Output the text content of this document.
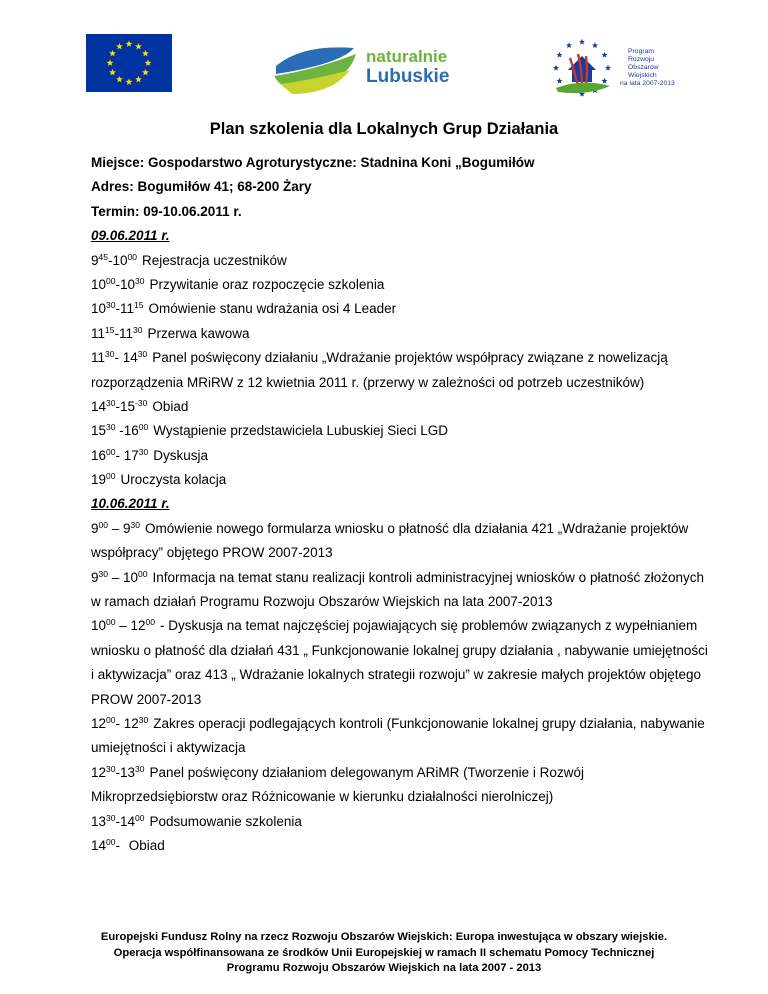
naturalnie
Lubuskie
Program
Rozwoju
Obszarów
Wiejskich
na lata 2007-2013
Plan szkolenia dla Lokalnych Grup Działania
Miejsce: Gospodarstwo Agroturystyczne: Stadnina Koni „Bogumiłów
Adres: Bogumiłów 41; 68-200 Żary
Termin: 09-10.06.2011 r.
09.06.2011 r.
$9^{45}-10^{00}$ Rejestracja uczestników
$10^{00}-10^{30}$ Przywitanie oraz rozpoczęcie szkolenia
$10^{30}-11^{15}$ Omówienie stanu wdrażania osi 4 Leader
$11^{15}-11^{30}$ Przerwa kawowa
$11^{30}-$ $14^{30}$ Panel poświęcony działaniu „Wdrażanie projektów współpracy związane z nowelizacją
rozporządzenia MRiRW z 12 kwietnia 2011 r. (przerwy w zależności od potrzeb uczestników)
$14^{30}-15^{-30}$ Obiad
$15^{30}$ $-16^{00}$ Wystąpienie przedstawiciela Lubuskiej Sieci LGD
$16^{00}-$ $17^{30}$ Dyskusja
$19^{00}$ Uroczysta kolacja
10.06.2011 r.
$9^{00} - 9^{30}$ Omówienie nowego formularza wniosku o płatność dla działania 421 „Wdrażanie projektów
współpracy” objętego PROW 2007-2013
$9^{30} - 10^{00}$ Informacja na temat stanu realizacji kontroli administracyjnej wniosków o płatność złożonych
w ramach działań Programu Rozwoju Obszarów Wiejskich na lata 2007-2013
$10^{00} - 12^{00}$ - Dyskusja na temat najczęściej pojawiających się problemów związanych z wypełnianiem
wniosku o płatność dla działań 431 „ Funkcjonowanie lokalnej grupy działania , nabywanie umiejętności
i aktywizacja” oraz 413 „ Wdrażanie lokalnych strategii rozwoju” w zakresie małych projektów objętego
PROW 2007-2013
$12^{00}-$ $12^{30}$ Zakres operacji podlegających kontroli (Funkcjonowanie lokalnej grupy działania, nabywanie
umiejętności i aktywizacja
$12^{30}-13^{30}$ Panel poświęcony działaniom delegowanym ARiMR (Tworzenie i Rozwój
Mikroprzedsiębiorstw oraz Różnicowanie w kierunku działalności nierolniczej)
$13^{30}-14^{00}$ Podsumowanie szkolenia
$14^{00}-$ Obiad
Europejski Fundusz Rolny na rzecz Rozwoju Obszarów Wiejskich: Europa inwestująca w obszary wiejskie.
Operacja współfinansowana ze środków Unii Europejskiej w ramach II schematu Pomocy Technicznej
Programu Rozwoju Obszarów Wiejskich na lata 2007 - 2013
